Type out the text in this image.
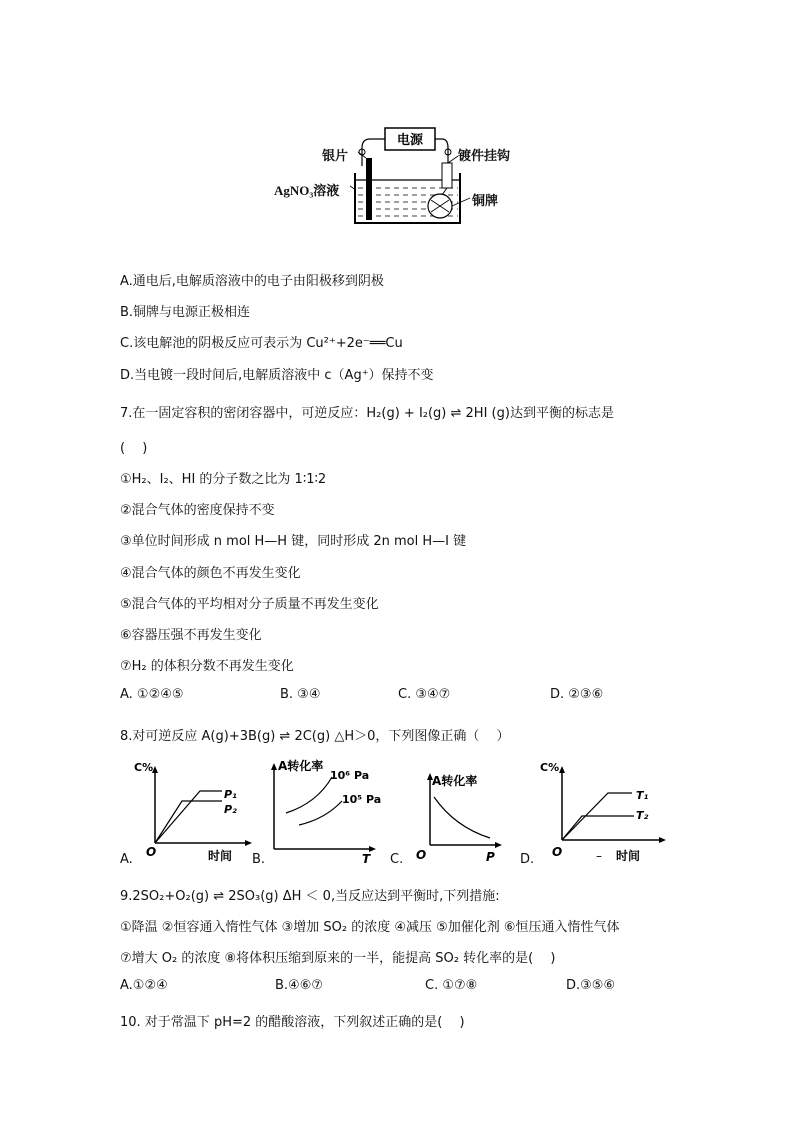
电源
银片	镀件挂钩
AgNO₃溶液
铜牌
A.通电后,电解质溶液中的电子由阳极移到阴极
B.铜牌与电源正极相连
C.该电解池的阴极反应可表示为 Cu²⁺+2e⁻══Cu
D.当电镀一段时间后,电解质溶液中 c（Ag⁺）保持不变
7.在一固定容积的密闭容器中，可逆反应：H₂(g) + I₂(g) ⇌ 2HI (g)达到平衡的标志是
(　 )
①H₂、I₂、HI 的分子数之比为 1∶1∶2
②混合气体的密度保持不变
③单位时间形成 n mol H—H 键，同时形成 2n mol H—I 键
④混合气体的颜色不再发生变化
⑤混合气体的平均相对分子质量不再发生变化
⑥容器压强不再发生变化
⑦H₂ 的体积分数不再发生变化
A. ①②④⑤	B. ③④	C. ③④⑦	D. ②③⑥
8.对可逆反应 A(g)+3B(g) ⇌ 2C(g) △H＞0，下列图像正确（　 ）
A.
C%
O	时间
P₁
P₂
B.
A转化率
10⁶ Pa
10⁵ Pa
T C.
A转化率
O	P D.
C%
O	– 时间
T₁
T₂
9.2SO₂+O₂(g) ⇌ 2SO₃(g) ΔH ＜ 0,当反应达到平衡时,下列措施:
①降温 ②恒容通入惰性气体 ③增加 SO₂ 的浓度 ④减压 ⑤加催化剂 ⑥恒压通入惰性气体
⑦增大 O₂ 的浓度 ⑧将体积压缩到原来的一半，能提高 SO₂ 转化率的是(　 )
A.①②④	B.④⑥⑦	C. ①⑦⑧	D.③⑤⑥
10. 对于常温下 pH=2 的醋酸溶液，下列叙述正确的是(　 )
